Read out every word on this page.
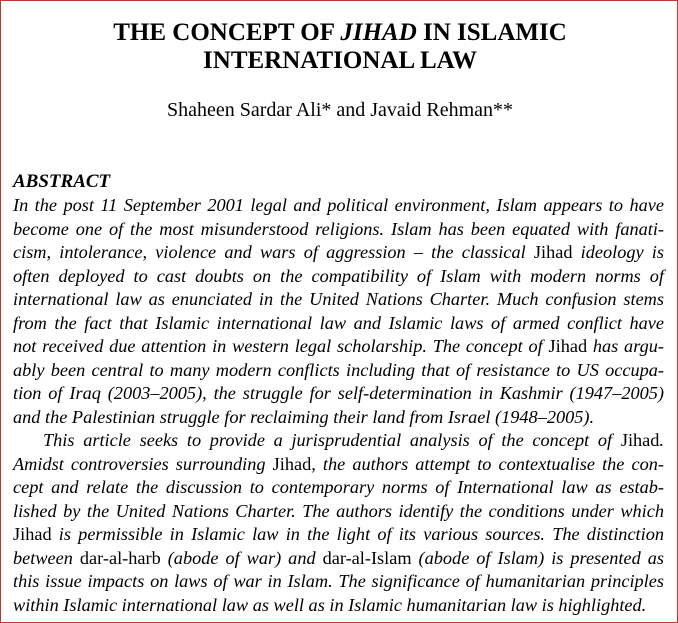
THE CONCEPT OF JIHAD IN ISLAMIC
INTERNATIONAL LAW
Shaheen Sardar Ali* and Javaid Rehman**
ABSTRACT
In the post 11 September 2001 legal and political environment, Islam appears to have
become one of the most misunderstood religions. Islam has been equated with fanati-
cism, intolerance, violence and wars of aggression – the classical Jihad ideology is
often deployed to cast doubts on the compatibility of Islam with modern norms of
international law as enunciated in the United Nations Charter. Much confusion stems
from the fact that Islamic international law and Islamic laws of armed conflict have
not received due attention in western legal scholarship. The concept of Jihad has argu-
ably been central to many modern conflicts including that of resistance to US occupa-
tion of Iraq (2003–2005), the struggle for self-determination in Kashmir (1947–2005)
and the Palestinian struggle for reclaiming their land from Israel (1948–2005).
This article seeks to provide a jurisprudential analysis of the concept of Jihad.
Amidst controversies surrounding Jihad, the authors attempt to contextualise the con-
cept and relate the discussion to contemporary norms of International law as estab-
lished by the United Nations Charter. The authors identify the conditions under which
Jihad is permissible in Islamic law in the light of its various sources. The distinction
between dar-al-harb (abode of war) and dar-al-Islam (abode of Islam) is presented as
this issue impacts on laws of war in Islam. The significance of humanitarian principles
within Islamic international law as well as in Islamic humanitarian law is highlighted.
